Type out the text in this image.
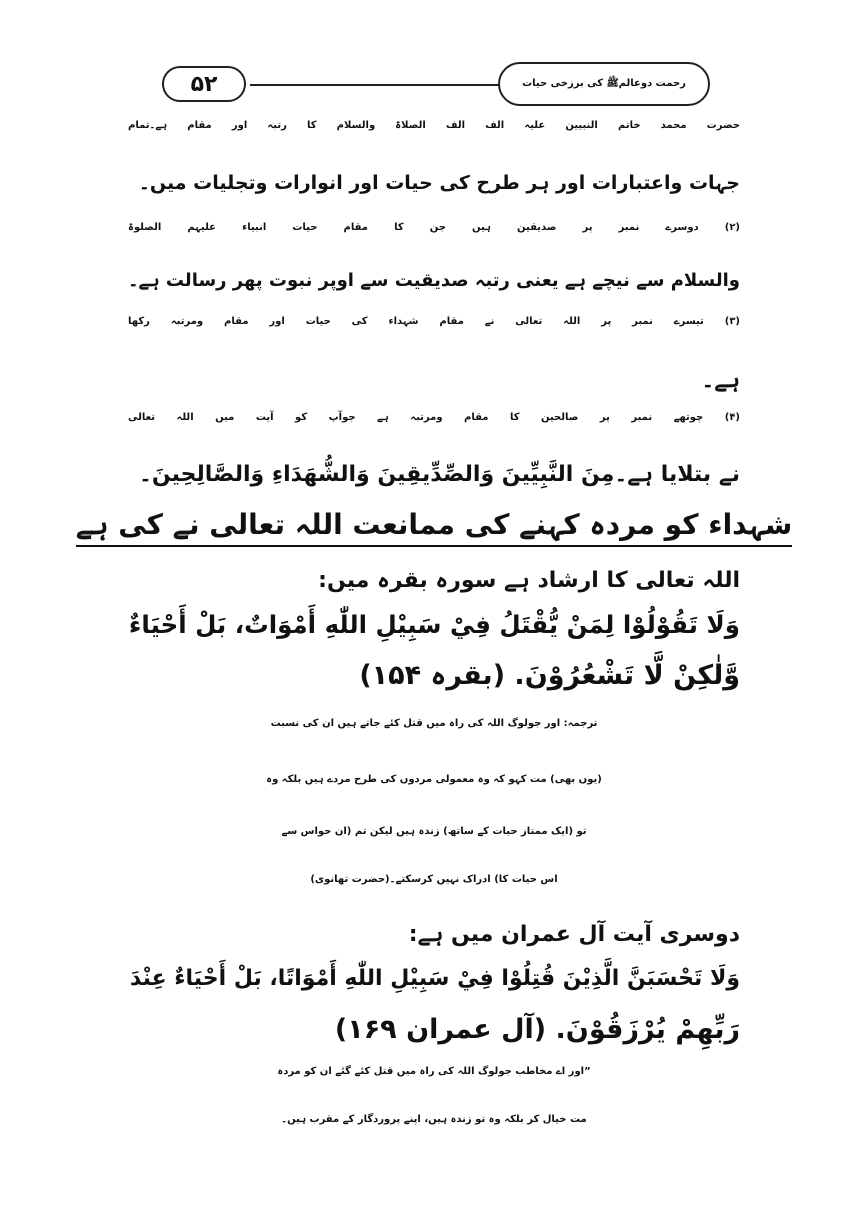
۵۲	رحمت دوعالمﷺ کی برزخی حیات
حضرت محمد خاتم النبیین علیہ الف الف الصلاۃ والسلام کا رتبہ اور مقام ہے۔تمام
جہات واعتبارات اور ہر طرح کی حیات اور انوارات وتجلیات میں۔
(۲) دوسرے نمبر پر صدیقین ہیں جن کا مقام حیات انبیاء علیہم الصلوۃ
والسلام سے نیچے ہے یعنی رتبہ صدیقیت سے اوپر نبوت پھر رسالت ہے۔
(۳) تیسرے نمبر پر اللہ تعالی نے مقام شہداء کی حیات اور مقام ومرتبہ رکھا
ہے۔
(۴) چوتھے نمبر پر صالحین کا مقام ومرتبہ ہے جوآپ کو آیت میں اللہ تعالی
نے بتلایا ہے۔مِنَ النَّبِیِّینَ وَالصِّدِّیقِینَ وَالشُّھَدَاءِ وَالصَّالِحِینَ۔
شہداء کو مردہ کہنے کی ممانعت اللہ تعالی نے کی ہے
اللہ تعالی کا ارشاد ہے سورہ بقرہ میں:
وَلَا تَقُوْلُوْا لِمَنْ يُّقْتَلُ فِيْ سَبِيْلِ اللّٰهِ أَمْوَاتٌ، بَلْ أَحْيَاءٌ
وَّلٰكِنْ لَّا تَشْعُرُوْنَ. (بقرہ ۱۵۴)
ترجمہ: اور جولوگ اللہ کی راہ میں قتل کئے جاتے ہیں ان کی نسبت
(یوں بھی) مت کہو کہ وہ معمولی مردوں کی طرح مردے ہیں بلکہ وہ
تو (ایک ممتاز حیات کے ساتھ) زندہ ہیں لیکن تم (ان حواس سے
اس حیات کا) ادراک نہیں کرسکتے۔(حضرت تھانوی)
دوسری آیت آل عمران میں ہے:
وَلَا تَحْسَبَنَّ الَّذِيْنَ قُتِلُوْا فِيْ سَبِيْلِ اللّٰهِ أَمْوَاتًا، بَلْ أَحْيَاءٌ عِنْدَ
رَبِّهِمْ يُرْزَقُوْنَ. (آل عمران ۱۶۹)
”اور اے مخاطب جولوگ اللہ کی راہ میں قتل کئے گئے ان کو مردہ
مت خیال کر بلکہ وہ تو زندہ ہیں، اپنے پروردگار کے مقرب ہیں۔
